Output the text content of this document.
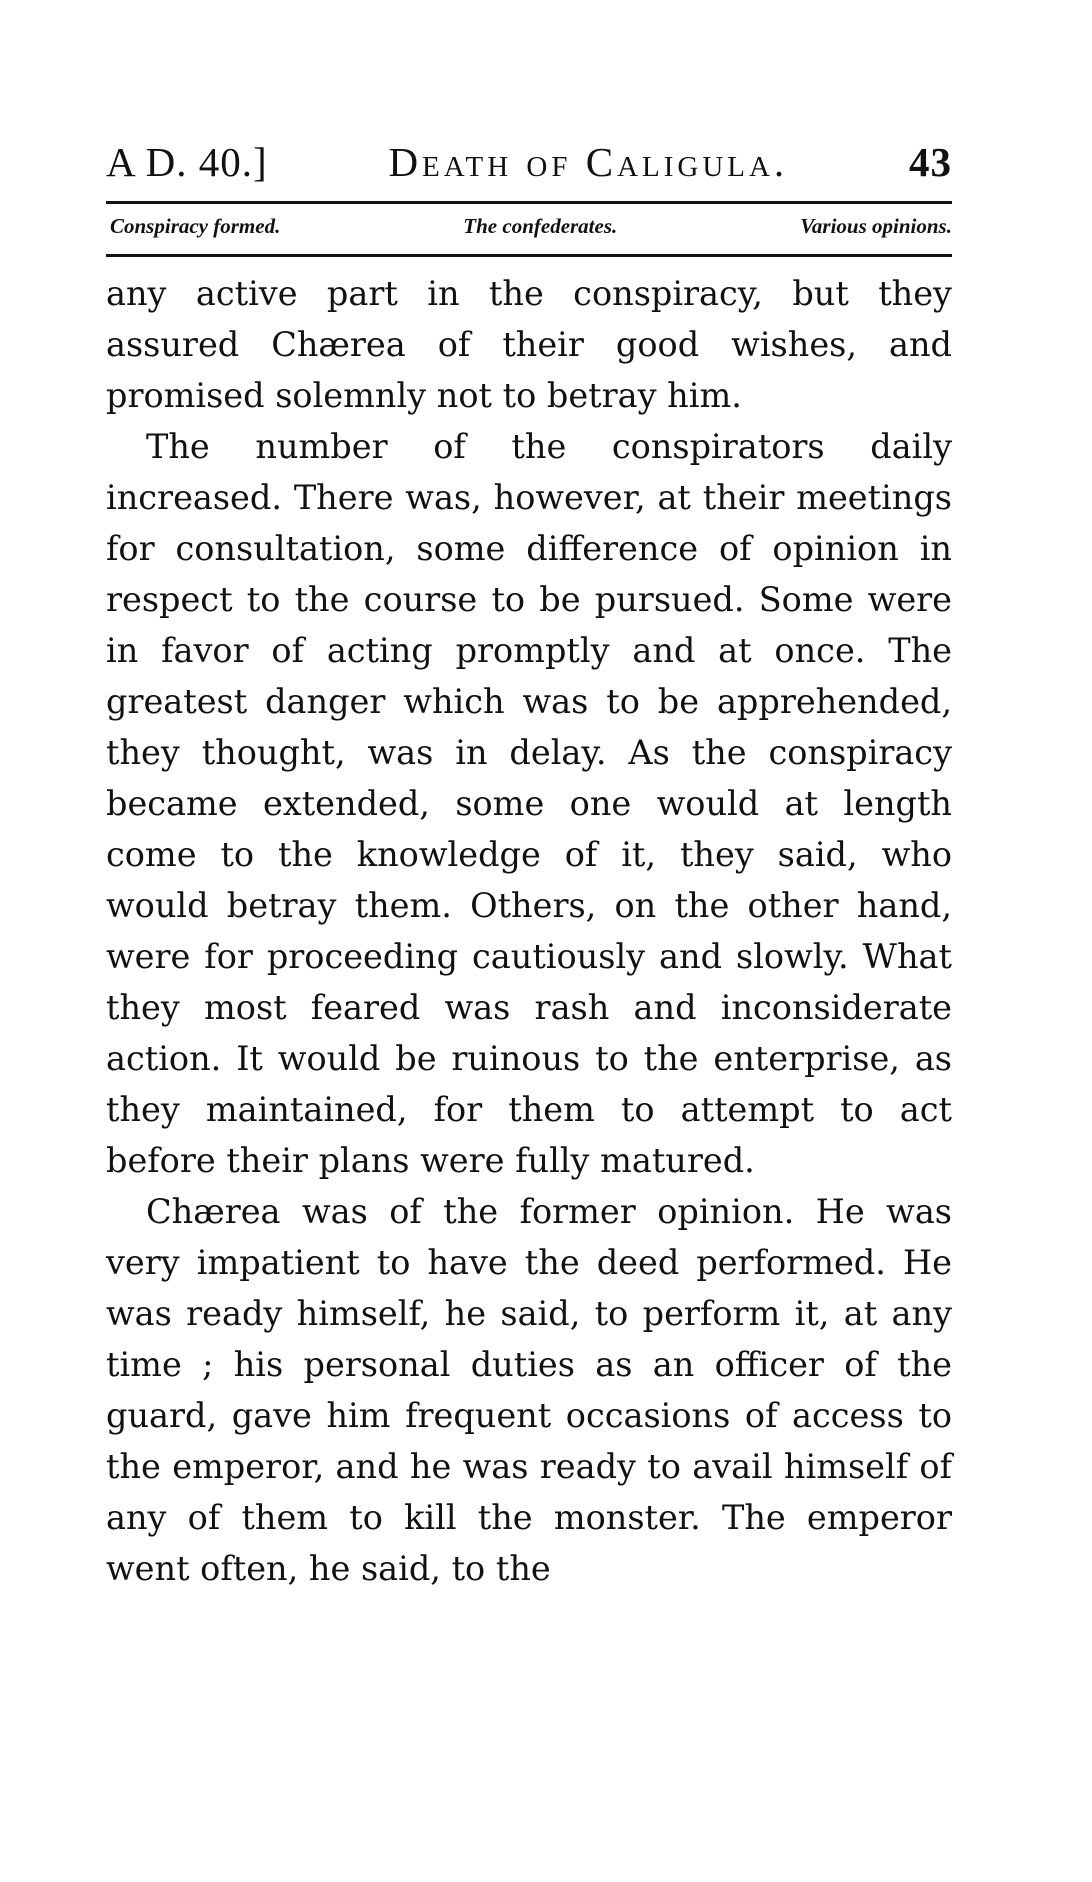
A D. 40.]	Death of Caligula.	43
Conspiracy formed.	The confederates.	Various opinions.

any active part in the conspiracy, but they assured Chærea of their good wishes, and promised solemnly not to betray him.

The number of the conspirators daily increased. There was, however, at their meetings for consultation, some difference of opinion in respect to the course to be pursued. Some were in favor of acting promptly and at once. The greatest danger which was to be apprehended, they thought, was in delay. As the conspiracy became extended, some one would at length come to the knowledge of it, they said, who would betray them. Others, on the other hand, were for proceeding cautiously and slowly. What they most feared was rash and inconsiderate action. It would be ruinous to the enterprise, as they maintained, for them to attempt to act before their plans were fully matured.

Chærea was of the former opinion. He was very impatient to have the deed performed. He was ready himself, he said, to perform it, at any time ; his personal duties as an officer of the guard, gave him frequent occasions of access to the emperor, and he was ready to avail himself of any of them to kill the monster. The emperor went often, he said, to the
